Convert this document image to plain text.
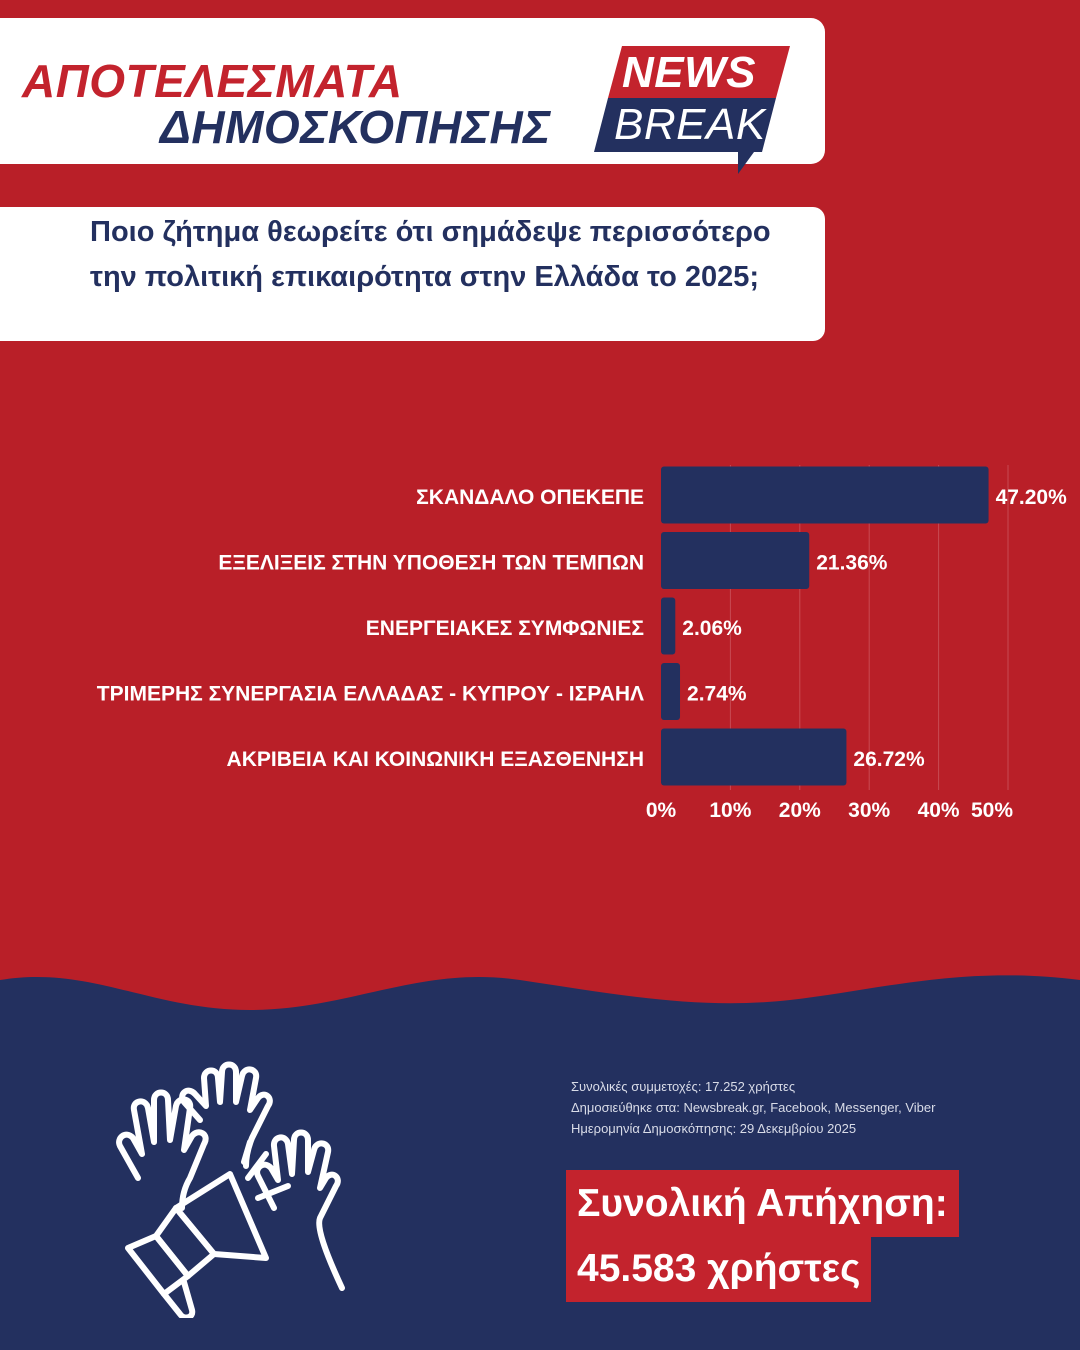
ΑΠΟΤΕΛΕΣΜΑΤΑ
ΔΗΜΟΣΚΟΠΗΣΗΣ
NEWS
BREAK
Ποιο ζήτημα θεωρείτε ότι σημάδεψε περισσότερο την πολιτική επικαιρότητα στην Ελλάδα το 2025;
ΣΚΑΝΔΑΛΟ ΟΠΕΚΕΠΕ	47.20%
ΕΞΕΛΙΞΕΙΣ ΣΤΗΝ ΥΠΟΘΕΣΗ ΤΩΝ ΤΕΜΠΩΝ	21.36%
ΕΝΕΡΓΕΙΑΚΕΣ ΣΥΜΦΩΝΙΕΣ 2.06%
ΤΡΙΜΕΡΗΣ ΣΥΝΕΡΓΑΣΙΑ ΕΛΛΑΔΑΣ - ΚΥΠΡΟΥ - ΙΣΡΑΗΛ 2.74%
ΑΚΡΙΒΕΙΑ ΚΑΙ ΚΟΙΝΩΝΙΚΗ ΕΞΑΣΘΕΝΗΣΗ	26.72%
0% 10% 20% 30% 40% 50%
Συνολικές συμμετοχές: 17.252 χρήστες
Δημοσιεύθηκε στα: Newsbreak.gr, Facebook, Messenger, Viber
Ημερομηνία Δημοσκόπησης: 29 Δεκεμβρίου 2025
Συνολική Απήχηση:
45.583 χρήστες
